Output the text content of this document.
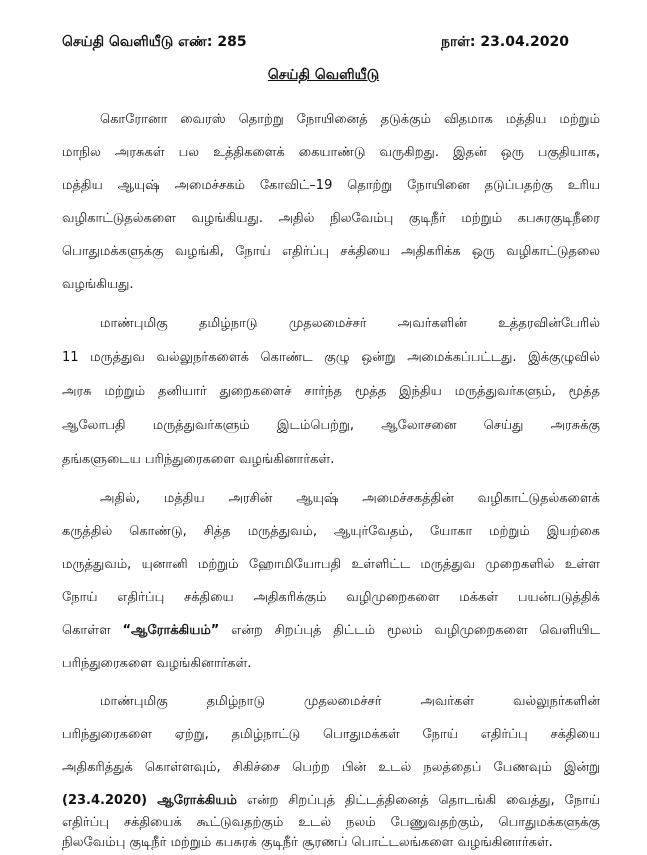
செய்தி வெளியீடு எண்: 285	நாள்: 23.04.2020
செய்தி வெளியீடு
கொரோனா வைரஸ் தொற்று நோயினைத் தடுக்கும் விதமாக மத்திய மற்றும்
மாநில அரசுகள் பல உத்திகளைக் கையாண்டு வருகிறது. இதன் ஒரு பகுதியாக,
மத்திய ஆயுஷ் அமைச்சகம் கோவிட்–19 தொற்று நோயினை தடுப்பதற்கு உரிய
வழிகாட்டுதல்களை வழங்கியது. அதில் நிலவேம்பு குடிநீர் மற்றும் கபசுரகுடிநீரை
பொதுமக்களுக்கு வழங்கி, நோய் எதிர்ப்பு சக்தியை அதிகரிக்க ஒரு வழிகாட்டுதலை
வழங்கியது.
மாண்புமிகு தமிழ்நாடு முதலமைச்சர் அவர்களின் உத்தரவின்பேரில்
11 மருத்துவ வல்லுநர்களைக் கொண்ட குழு ஒன்று அமைக்கப்பட்டது. இக்குழுவில்
அரசு மற்றும் தனியார் துறைகளைச் சார்ந்த மூத்த இந்திய மருத்துவர்களும், மூத்த
ஆலோபதி மருத்துவர்களும் இடம்பெற்று, ஆலோசனை செய்து அரசுக்கு
தங்களுடைய பரிந்துரைகளை வழங்கினார்கள்.
அதில், மத்திய அரசின் ஆயுஷ் அமைச்சகத்தின் வழிகாட்டுதல்களைக்
கருத்தில் கொண்டு, சித்த மருத்துவம், ஆயுர்வேதம், யோகா மற்றும் இயற்கை
மருத்துவம், யுனானி மற்றும் ஹோமியோபதி உள்ளிட்ட மருத்துவ முறைகளில் உள்ள
நோய் எதிர்ப்பு சக்தியை அதிகரிக்கும் வழிமுறைகளை மக்கள் பயன்படுத்திக்
கொள்ள “ஆரோக்கியம்” என்ற சிறப்புத் திட்டம் மூலம் வழிமுறைகளை வெளியிட
பரிந்துரைகளை வழங்கினார்கள்.
மாண்புமிகு தமிழ்நாடு முதலமைச்சர் அவர்கள் வல்லுநர்களின்
பரிந்துரைகளை ஏற்று, தமிழ்நாட்டு பொதுமக்கள் நோய் எதிர்ப்பு சக்தியை
அதிகரித்துக் கொள்ளவும், சிகிச்சை பெற்ற பின் உடல் நலத்தைப் பேணவும் இன்று
(23.4.2020) ஆரோக்கியம் என்ற சிறப்புத் திட்டத்தினைத் தொடங்கி வைத்து, நோய்
எதிர்ப்பு சக்தியைக் கூட்டுவதற்கும் உடல் நலம் பேணுவதற்கும், பொதுமக்களுக்கு
நிலவேம்பு குடிநீர் மற்றும் கபசுரக் குடிநீர் சூரணப் பொட்டலங்களை வழங்கினார்கள்.
